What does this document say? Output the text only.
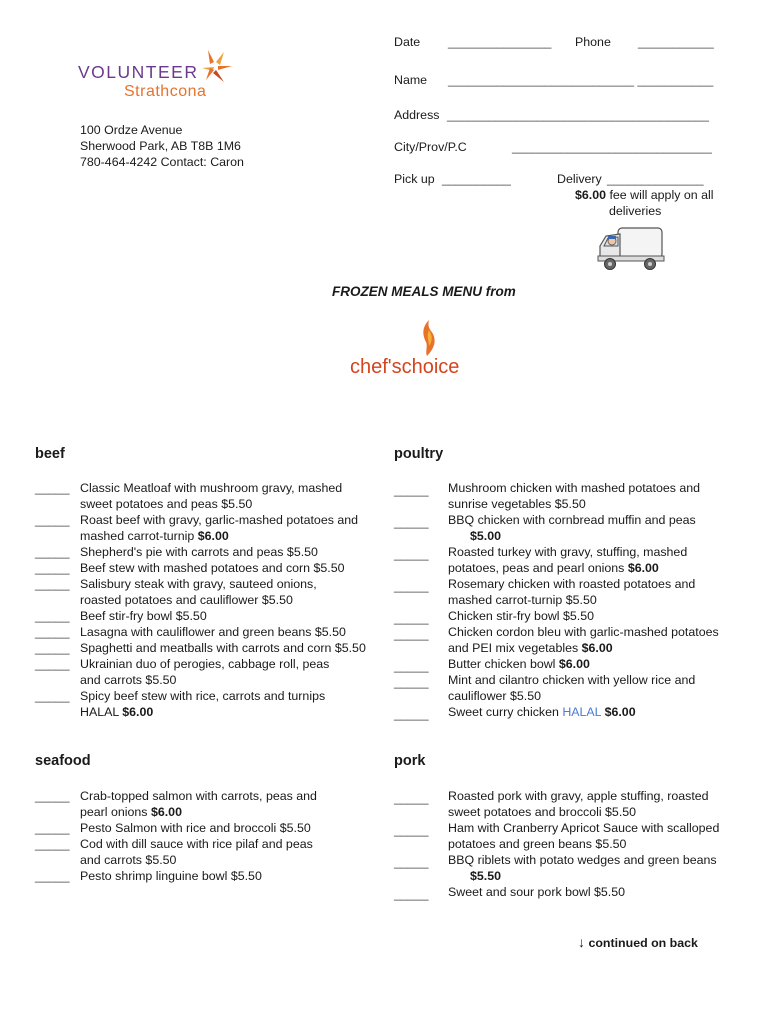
VOLUNTEER
Strathcona
100 Ordze Avenue
Sherwood Park, AB T8B 1M6
780-464-4242 Contact: Caron
Date _______________ Phone ___________
Name ___________________________ ___________
Address ______________________________________
City/Prov/P.C	_____________________________
Pick up __________	Delivery ______________
$6.00 fee will apply on all
deliveries
FROZEN MEALS MENU from
chef'schoice
beef
_____
_____
_____
_____
_____
_____
_____
_____
_____
_____
Classic Meatloaf with mushroom gravy, mashed
sweet potatoes and peas $5.50
Roast beef with gravy, garlic-mashed potatoes and
mashed carrot-turnip $6.00
Shepherd's pie with carrots and peas $5.50
Beef stew with mashed potatoes and corn $5.50
Salisbury steak with gravy, sauteed onions,
roasted potatoes and cauliflower $5.50
Beef stir-fry bowl $5.50
Lasagna with cauliflower and green beans $5.50
Spaghetti and meatballs with carrots and corn $5.50
Ukrainian duo of perogies, cabbage roll, peas
and carrots $5.50
Spicy beef stew with rice, carrots and turnips
HALAL $6.00
poultry
_____
_____
_____
_____
_____
_____
_____
_____
_____
Mushroom chicken with mashed potatoes and
sunrise vegetables $5.50
BBQ chicken with cornbread muffin and peas
$5.00
Roasted turkey with gravy, stuffing, mashed
potatoes, peas and pearl onions $6.00
Rosemary chicken with roasted potatoes and
mashed carrot-turnip $5.50
Chicken stir-fry bowl $5.50
Chicken cordon bleu with garlic-mashed potatoes
and PEI mix vegetables $6.00
Butter chicken bowl $6.00
Mint and cilantro chicken with yellow rice and
cauliflower $5.50
Sweet curry chicken HALAL $6.00
seafood
_____
_____
_____
_____
Crab-topped salmon with carrots, peas and
pearl onions $6.00
Pesto Salmon with rice and broccoli $5.50
Cod with dill sauce with rice pilaf and peas
and carrots $5.50
Pesto shrimp linguine bowl $5.50
pork
_____
_____
_____
_____
Roasted pork with gravy, apple stuffing, roasted
sweet potatoes and broccoli $5.50
Ham with Cranberry Apricot Sauce with scalloped
potatoes and green beans $5.50
BBQ riblets with potato wedges and green beans
$5.50
Sweet and sour pork bowl $5.50
↓ continued on back
